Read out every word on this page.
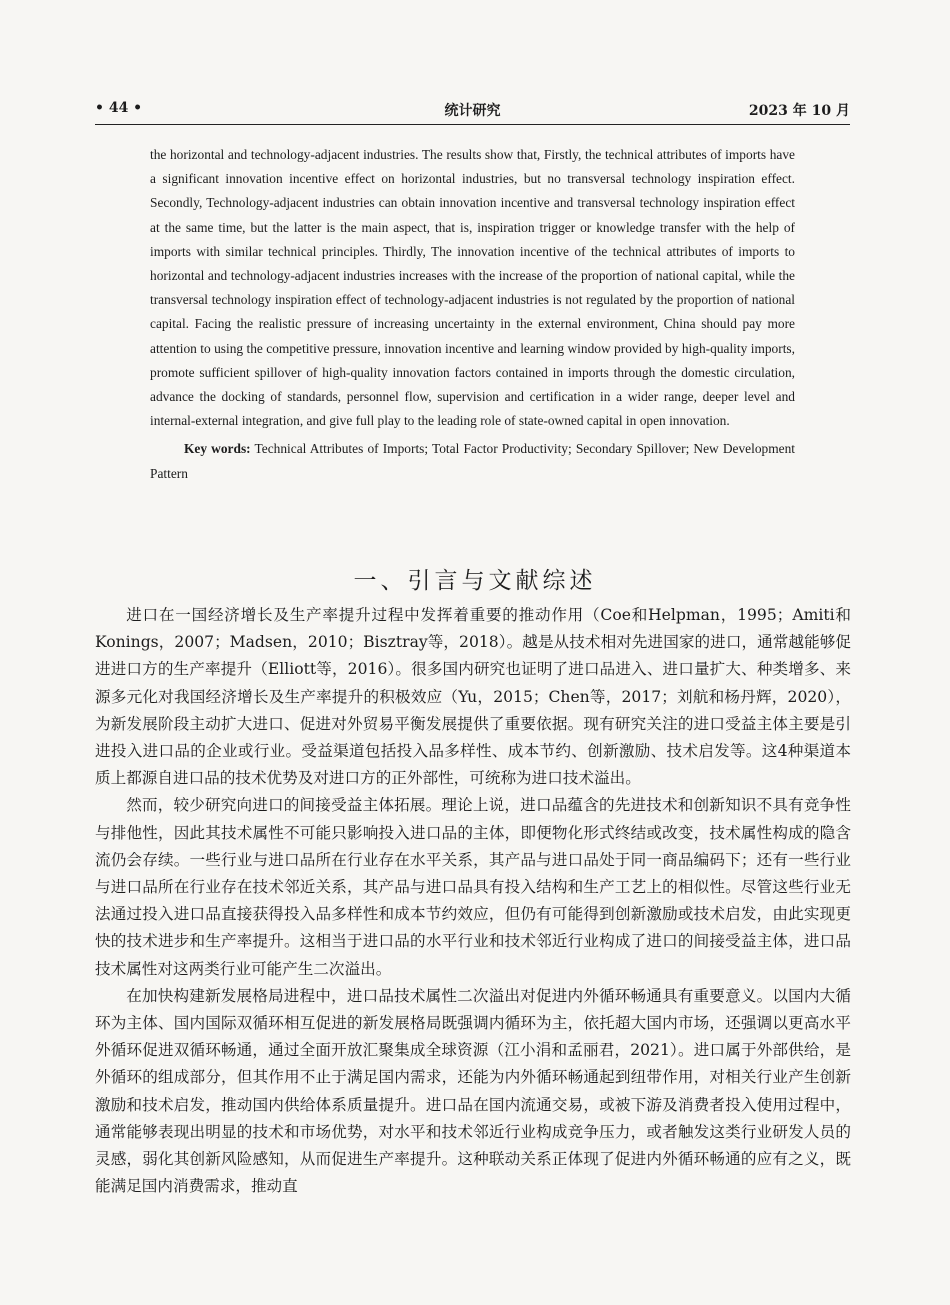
• 44 •	统计研究	2023 年 10 月

the horizontal and technology-adjacent industries. The results show that, Firstly, the technical attributes of imports have a significant innovation incentive effect on horizontal industries, but no transversal technology inspiration effect. Secondly, Technology-adjacent industries can obtain innovation incentive and transversal technology inspiration effect at the same time, but the latter is the main aspect, that is, inspiration trigger or knowledge transfer with the help of imports with similar technical principles. Thirdly, The innovation incentive of the technical attributes of imports to horizontal and technology-adjacent industries increases with the increase of the proportion of national capital, while the transversal technology inspiration effect of technology-adjacent industries is not regulated by the proportion of national capital. Facing the realistic pressure of increasing uncertainty in the external environment, China should pay more attention to using the competitive pressure, innovation incentive and learning window provided by high-quality imports, promote sufficient spillover of high-quality innovation factors contained in imports through the domestic circulation, advance the docking of standards, personnel flow, supervision and certification in a wider range, deeper level and internal-external integration, and give full play to the leading role of state-owned capital in open innovation.

Key words: Technical Attributes of Imports; Total Factor Productivity; Secondary Spillover; New Development Pattern

一、引言与文献综述

进口在一国经济增长及生产率提升过程中发挥着重要的推动作用（Coe和Helpman，1995；Amiti和Konings，2007；Madsen，2010；Bisztray等，2018）。越是从技术相对先进国家的进口，通常越能够促进进口方的生产率提升（Elliott等，2016）。很多国内研究也证明了进口品进入、进口量扩大、种类增多、来源多元化对我国经济增长及生产率提升的积极效应（Yu，2015；Chen等，2017；刘航和杨丹辉，2020），为新发展阶段主动扩大进口、促进对外贸易平衡发展提供了重要依据。现有研究关注的进口受益主体主要是引进投入进口品的企业或行业。受益渠道包括投入品多样性、成本节约、创新激励、技术启发等。这4种渠道本质上都源自进口品的技术优势及对进口方的正外部性，可统称为进口技术溢出。

然而，较少研究向进口的间接受益主体拓展。理论上说，进口品蕴含的先进技术和创新知识不具有竞争性与排他性，因此其技术属性不可能只影响投入进口品的主体，即便物化形式终结或改变，技术属性构成的隐含流仍会存续。一些行业与进口品所在行业存在水平关系，其产品与进口品处于同一商品编码下；还有一些行业与进口品所在行业存在技术邻近关系，其产品与进口品具有投入结构和生产工艺上的相似性。尽管这些行业无法通过投入进口品直接获得投入品多样性和成本节约效应，但仍有可能得到创新激励或技术启发，由此实现更快的技术进步和生产率提升。这相当于进口品的水平行业和技术邻近行业构成了进口的间接受益主体，进口品技术属性对这两类行业可能产生二次溢出。

在加快构建新发展格局进程中，进口品技术属性二次溢出对促进内外循环畅通具有重要意义。以国内大循环为主体、国内国际双循环相互促进的新发展格局既强调内循环为主，依托超大国内市场，还强调以更高水平外循环促进双循环畅通，通过全面开放汇聚集成全球资源（江小涓和孟丽君，2021）。进口属于外部供给，是外循环的组成部分，但其作用不止于满足国内需求，还能为内外循环畅通起到纽带作用，对相关行业产生创新激励和技术启发，推动国内供给体系质量提升。进口品在国内流通交易，或被下游及消费者投入使用过程中，通常能够表现出明显的技术和市场优势，对水平和技术邻近行业构成竞争压力，或者触发这类行业研发人员的灵感，弱化其创新风险感知，从而促进生产率提升。这种联动关系正体现了促进内外循环畅通的应有之义，既能满足国内消费需求，推动直
